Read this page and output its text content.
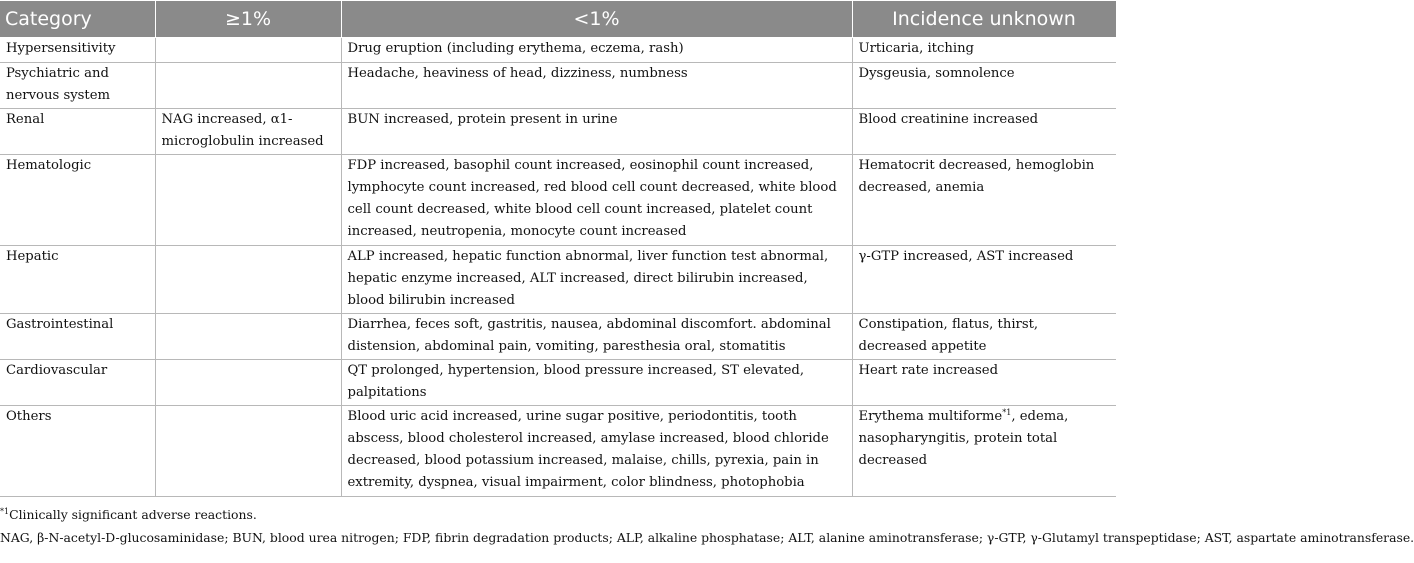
Category	≥1%	<1%	Incidence unknown
Hypersensitivity		Drug eruption (including erythema, eczema, rash)	Urticaria, itching
Psychiatric and nervous system		Headache, heaviness of head, dizziness, numbness	Dysgeusia, somnolence
Renal	NAG increased, α1-microglobulin increased	BUN increased, protein present in urine	Blood creatinine increased
Hematologic		FDP increased, basophil count increased, eosinophil count increased, lymphocyte count increased, red blood cell count decreased, white blood cell count decreased, white blood cell count increased, platelet count increased, neutropenia, monocyte count increased	Hematocrit decreased, hemoglobin decreased, anemia
Hepatic		ALP increased, hepatic function abnormal, liver function test abnormal, hepatic enzyme increased, ALT increased, direct bilirubin increased, blood bilirubin increased	γ-GTP increased, AST increased
Gastrointestinal		Diarrhea, feces soft, gastritis, nausea, abdominal discomfort. abdominal distension, abdominal pain, vomiting, paresthesia oral, stomatitis	Constipation, flatus, thirst, decreased appetite
Cardiovascular		QT prolonged, hypertension, blood pressure increased, ST elevated, palpitations	Heart rate increased
Others		Blood uric acid increased, urine sugar positive, periodontitis, tooth abscess, blood cholesterol increased, amylase increased, blood chloride decreased, blood potassium increased, malaise, chills, pyrexia, pain in extremity, dyspnea, visual impairment, color blindness, photophobia	Erythema multiforme$^{*1}$, edema, nasopharyngitis, protein total decreased
$^{*1}$Clinically significant adverse reactions.
NAG, β-N-acetyl-D-glucosaminidase; BUN, blood urea nitrogen; FDP, fibrin degradation products; ALP, alkaline phosphatase; ALT, alanine aminotransferase; γ-GTP, γ-Glutamyl transpeptidase; AST, aspartate aminotransferase.
